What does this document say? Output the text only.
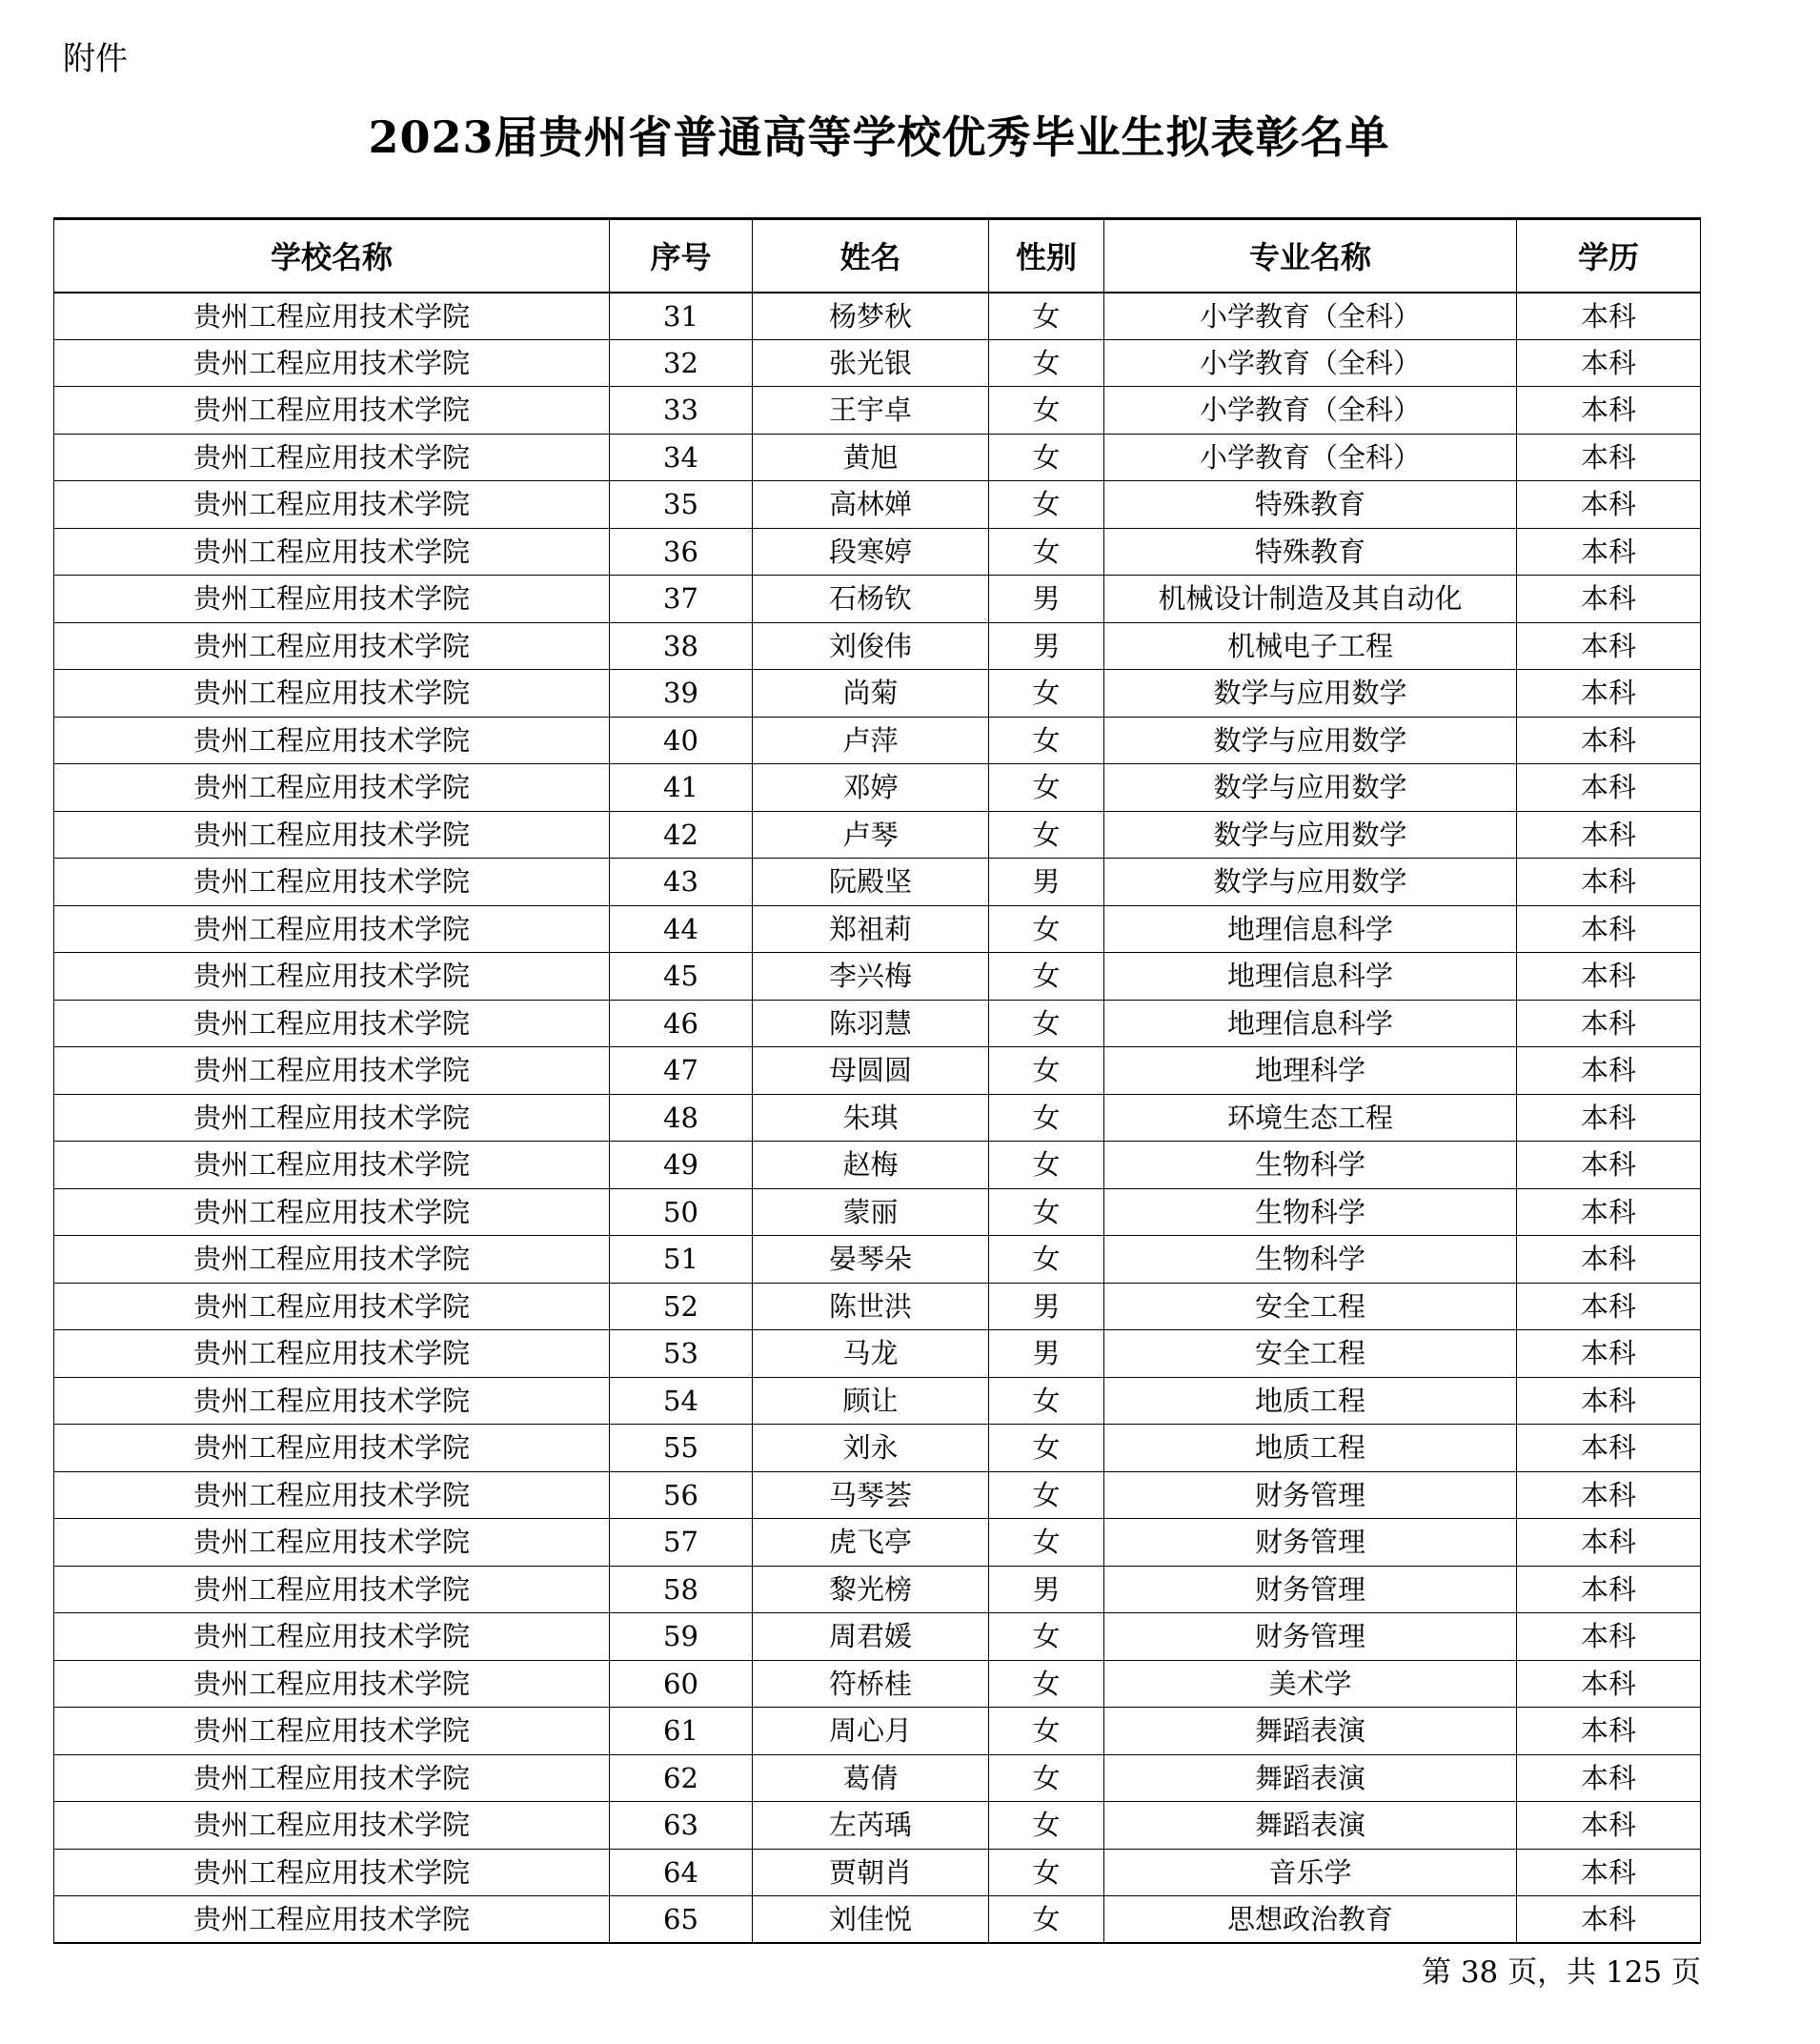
附件
2023届贵州省普通高等学校优秀毕业生拟表彰名单
学校名称	序号	姓名	性别	专业名称	学历
贵州工程应用技术学院	31	杨梦秋	女	小学教育（全科）	本科
贵州工程应用技术学院	32	张光银	女	小学教育（全科）	本科
贵州工程应用技术学院	33	王宇卓	女	小学教育（全科）	本科
贵州工程应用技术学院	34	黄旭	女	小学教育（全科）	本科
贵州工程应用技术学院	35	高林婵	女	特殊教育	本科
贵州工程应用技术学院	36	段寒婷	女	特殊教育	本科
贵州工程应用技术学院	37	石杨钦	男	机械设计制造及其自动化	本科
贵州工程应用技术学院	38	刘俊伟	男	机械电子工程	本科
贵州工程应用技术学院	39	尚菊	女	数学与应用数学	本科
贵州工程应用技术学院	40	卢萍	女	数学与应用数学	本科
贵州工程应用技术学院	41	邓婷	女	数学与应用数学	本科
贵州工程应用技术学院	42	卢琴	女	数学与应用数学	本科
贵州工程应用技术学院	43	阮殿坚	男	数学与应用数学	本科
贵州工程应用技术学院	44	郑祖莉	女	地理信息科学	本科
贵州工程应用技术学院	45	李兴梅	女	地理信息科学	本科
贵州工程应用技术学院	46	陈羽慧	女	地理信息科学	本科
贵州工程应用技术学院	47	母圆圆	女	地理科学	本科
贵州工程应用技术学院	48	朱琪	女	环境生态工程	本科
贵州工程应用技术学院	49	赵梅	女	生物科学	本科
贵州工程应用技术学院	50	蒙丽	女	生物科学	本科
贵州工程应用技术学院	51	晏琴朵	女	生物科学	本科
贵州工程应用技术学院	52	陈世洪	男	安全工程	本科
贵州工程应用技术学院	53	马龙	男	安全工程	本科
贵州工程应用技术学院	54	顾让	女	地质工程	本科
贵州工程应用技术学院	55	刘永	女	地质工程	本科
贵州工程应用技术学院	56	马琴荟	女	财务管理	本科
贵州工程应用技术学院	57	虎飞亭	女	财务管理	本科
贵州工程应用技术学院	58	黎光榜	男	财务管理	本科
贵州工程应用技术学院	59	周君媛	女	财务管理	本科
贵州工程应用技术学院	60	符桥桂	女	美术学	本科
贵州工程应用技术学院	61	周心月	女	舞蹈表演	本科
贵州工程应用技术学院	62	葛倩	女	舞蹈表演	本科
贵州工程应用技术学院	63	左芮瑀	女	舞蹈表演	本科
贵州工程应用技术学院	64	贾朝肖	女	音乐学	本科
贵州工程应用技术学院	65	刘佳悦	女	思想政治教育	本科
第 38 页，共 125 页
